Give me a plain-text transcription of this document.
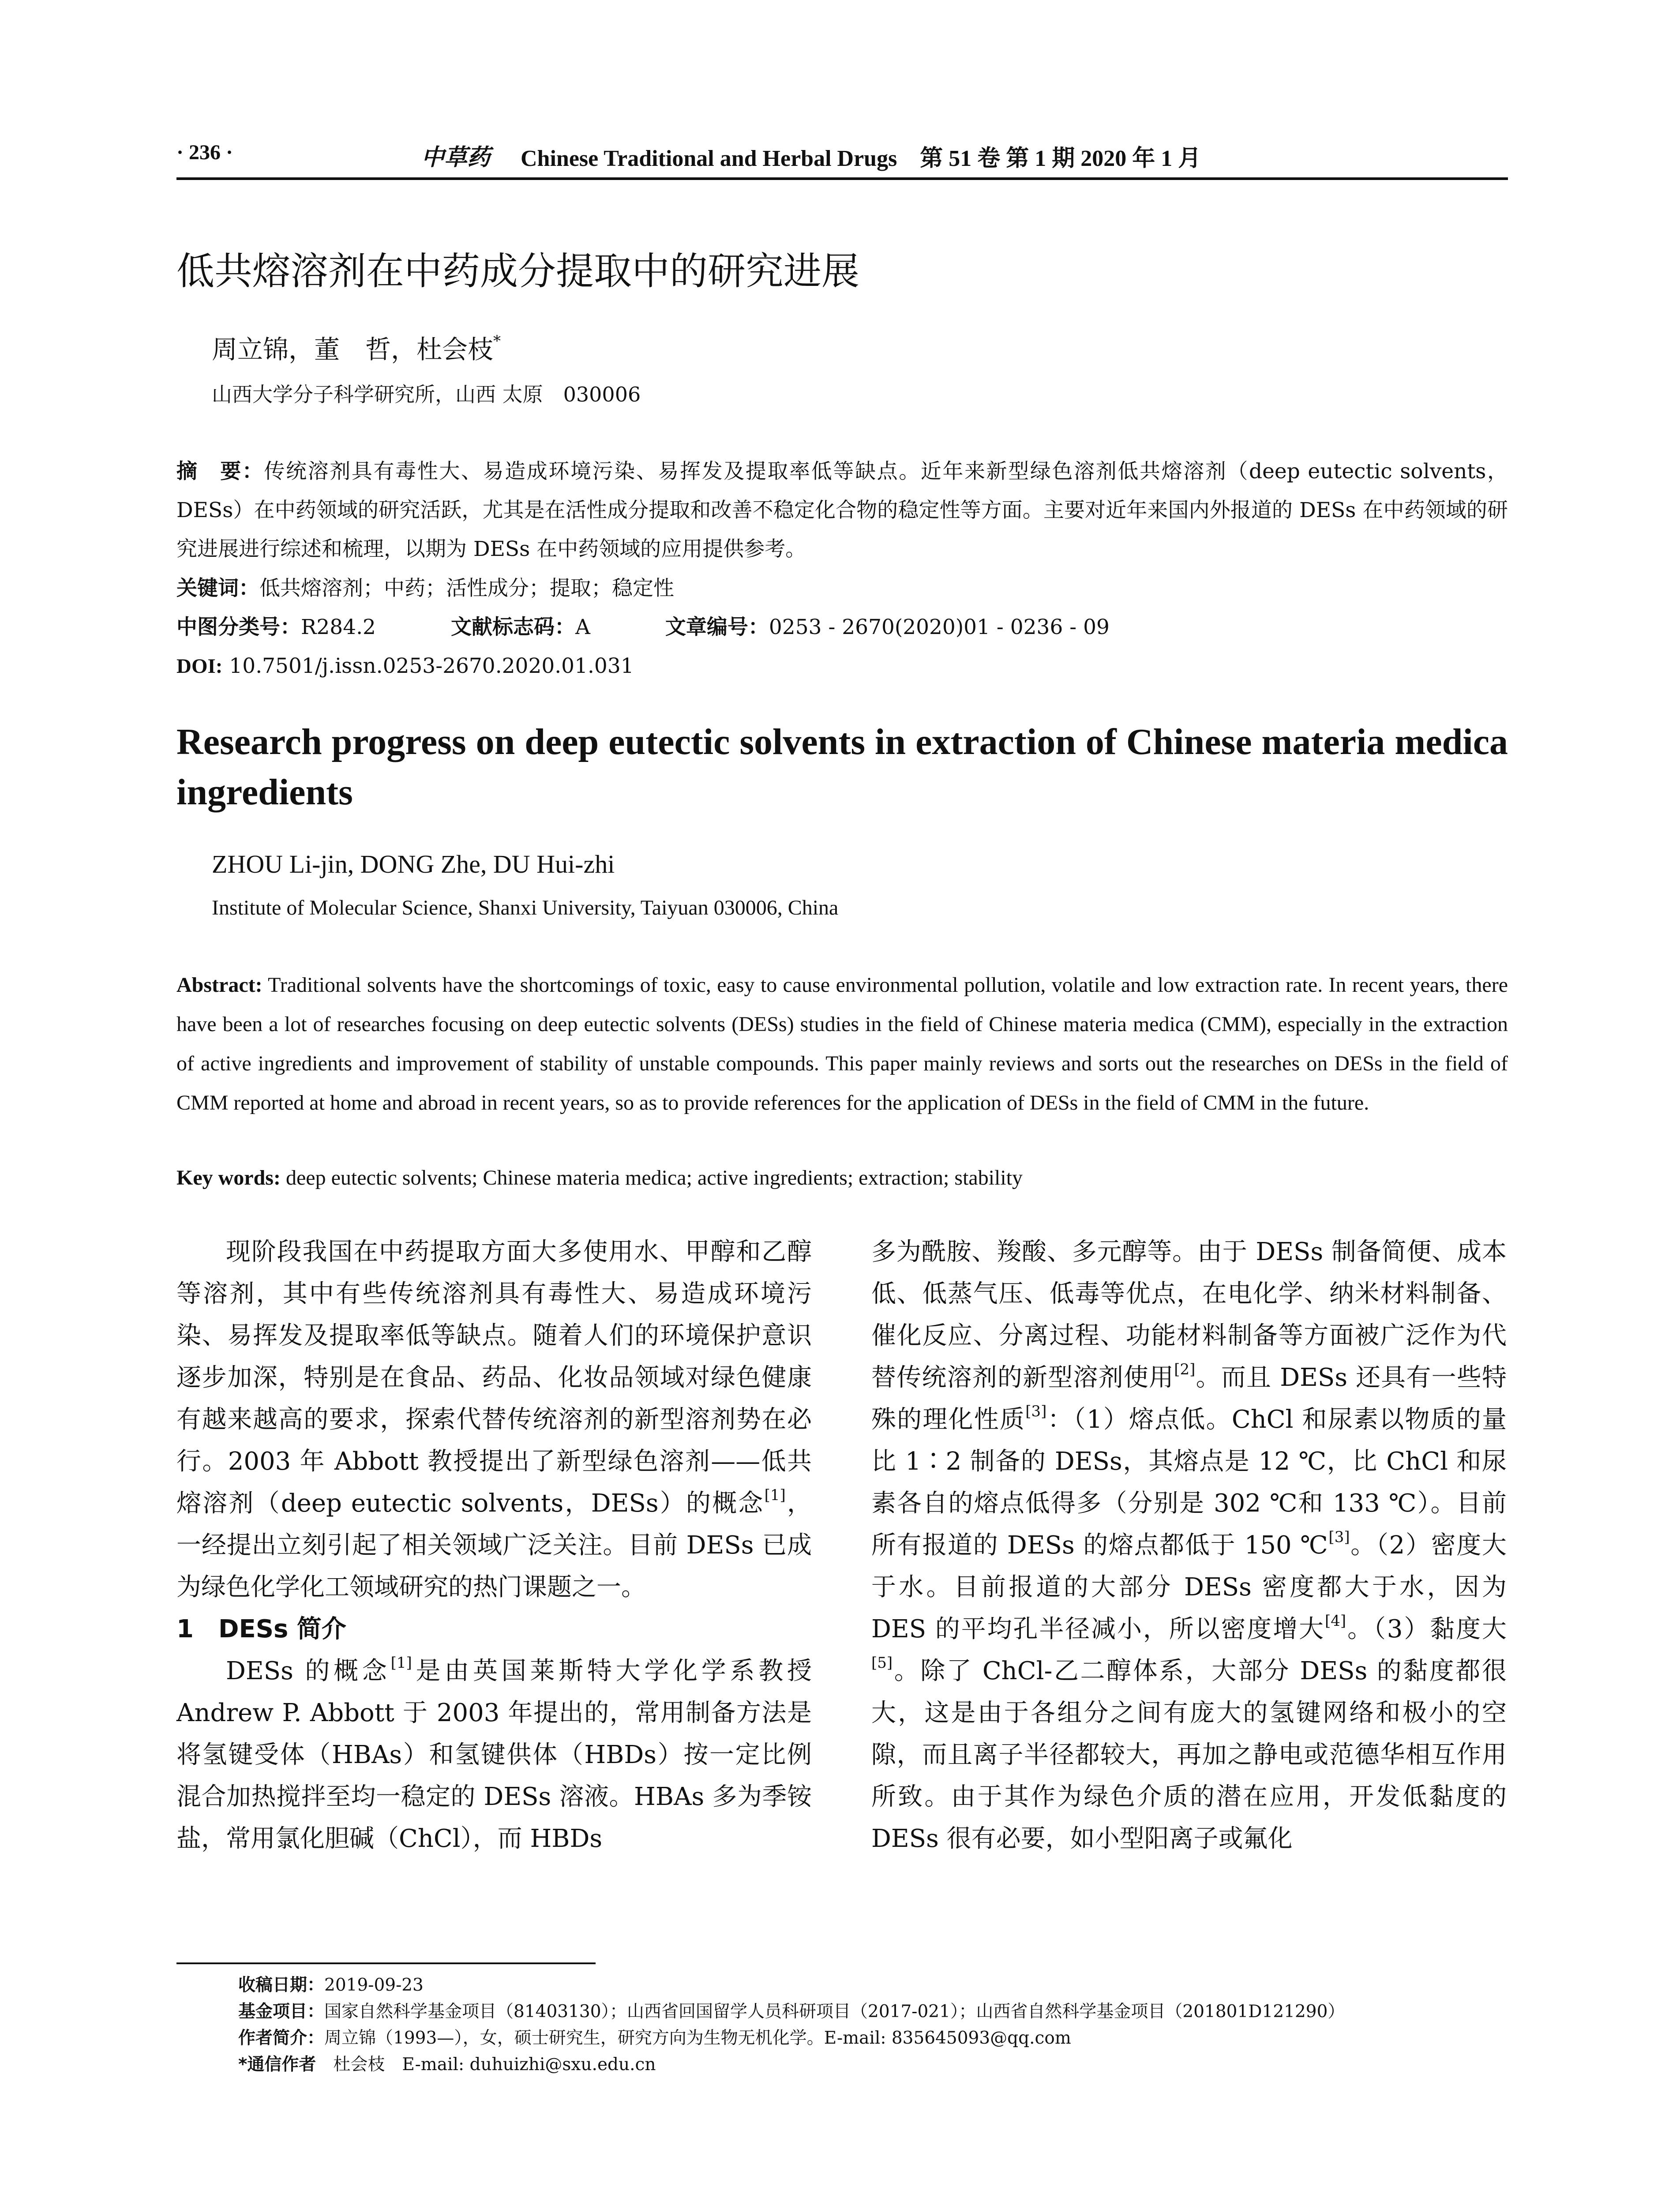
· 236 ·	中草药 Chinese Traditional and Herbal Drugs　第 51 卷 第 1 期 2020 年 1 月
低共熔溶剂在中药成分提取中的研究进展
周立锦，董　哲，杜会枝*
山西大学分子科学研究所，山西 太原　030006
摘　要：传统溶剂具有毒性大、易造成环境污染、易挥发及提取率低等缺点。近年来新型绿色溶剂低共熔溶剂（deep eutectic solvents，DESs）在中药领域的研究活跃，尤其是在活性成分提取和改善不稳定化合物的稳定性等方面。主要对近年来国内外报道的 DESs 在中药领域的研究进展进行综述和梳理，以期为 DESs 在中药领域的应用提供参考。
关键词：低共熔溶剂；中药；活性成分；提取；稳定性
中图分类号：R284.2	文献标志码：A	文章编号：0253 - 2670(2020)01 - 0236 - 09
DOI: 10.7501/j.issn.0253-2670.2020.01.031
Research progress on deep eutectic solvents in extraction of Chinese materia medica ingredients
ZHOU Li-jin, DONG Zhe, DU Hui-zhi
Institute of Molecular Science, Shanxi University, Taiyuan 030006, China
Abstract: Traditional solvents have the shortcomings of toxic, easy to cause environmental pollution, volatile and low extraction rate. In recent years, there have been a lot of researches focusing on deep eutectic solvents (DESs) studies in the field of Chinese materia medica (CMM), especially in the extraction of active ingredients and improvement of stability of unstable compounds. This paper mainly reviews and sorts out the researches on DESs in the field of CMM reported at home and abroad in recent years, so as to provide references for the application of DESs in the field of CMM in the future.
Key words: deep eutectic solvents; Chinese materia medica; active ingredients; extraction; stability

现阶段我国在中药提取方面大多使用水、甲醇和乙醇等溶剂，其中有些传统溶剂具有毒性大、易造成环境污染、易挥发及提取率低等缺点。随着人们的环境保护意识逐步加深，特别是在食品、药品、化妆品领域对绿色健康有越来越高的要求，探索代替传统溶剂的新型溶剂势在必行。2003 年 Abbott 教授提出了新型绿色溶剂——低共熔溶剂（deep eutectic solvents，DESs）的概念[1]，一经提出立刻引起了相关领域广泛关注。目前 DESs 已成为绿色化学化工领域研究的热门课题之一。

1　DESs 简介

DESs 的概念[1]是由英国莱斯特大学化学系教授 Andrew P. Abbott 于 2003 年提出的，常用制备方法是将氢键受体（HBAs）和氢键供体（HBDs）按一定比例混合加热搅拌至均一稳定的 DESs 溶液。HBAs 多为季铵盐，常用氯化胆碱（ChCl），而 HBDs

多为酰胺、羧酸、多元醇等。由于 DESs 制备简便、成本低、低蒸气压、低毒等优点，在电化学、纳米材料制备、催化反应、分离过程、功能材料制备等方面被广泛作为代替传统溶剂的新型溶剂使用[2]。而且 DESs 还具有一些特殊的理化性质[3]：（1）熔点低。ChCl 和尿素以物质的量比 1∶2 制备的 DESs，其熔点是 12 ℃，比 ChCl 和尿素各自的熔点低得多（分别是 302 ℃和 133 ℃）。目前所有报道的 DESs 的熔点都低于 150 ℃[3]。（2）密度大于水。目前报道的大部分 DESs 密度都大于水，因为 DES 的平均孔半径减小，所以密度增大[4]。（3）黏度大[5]。除了 ChCl-乙二醇体系，大部分 DESs 的黏度都很大，这是由于各组分之间有庞大的氢键网络和极小的空隙，而且离子半径都较大，再加之静电或范德华相互作用所致。由于其作为绿色介质的潜在应用，开发低黏度的 DESs 很有必要，如小型阳离子或氟化

收稿日期：2019-09-23
基金项目：国家自然科学基金项目（81403130）；山西省回国留学人员科研项目（2017-021）；山西省自然科学基金项目（201801D121290）
作者简介：周立锦（1993—），女，硕士研究生，研究方向为生物无机化学。E-mail: 835645093@qq.com
*通信作者　杜会枝　E-mail: duhuizhi@sxu.edu.cn
